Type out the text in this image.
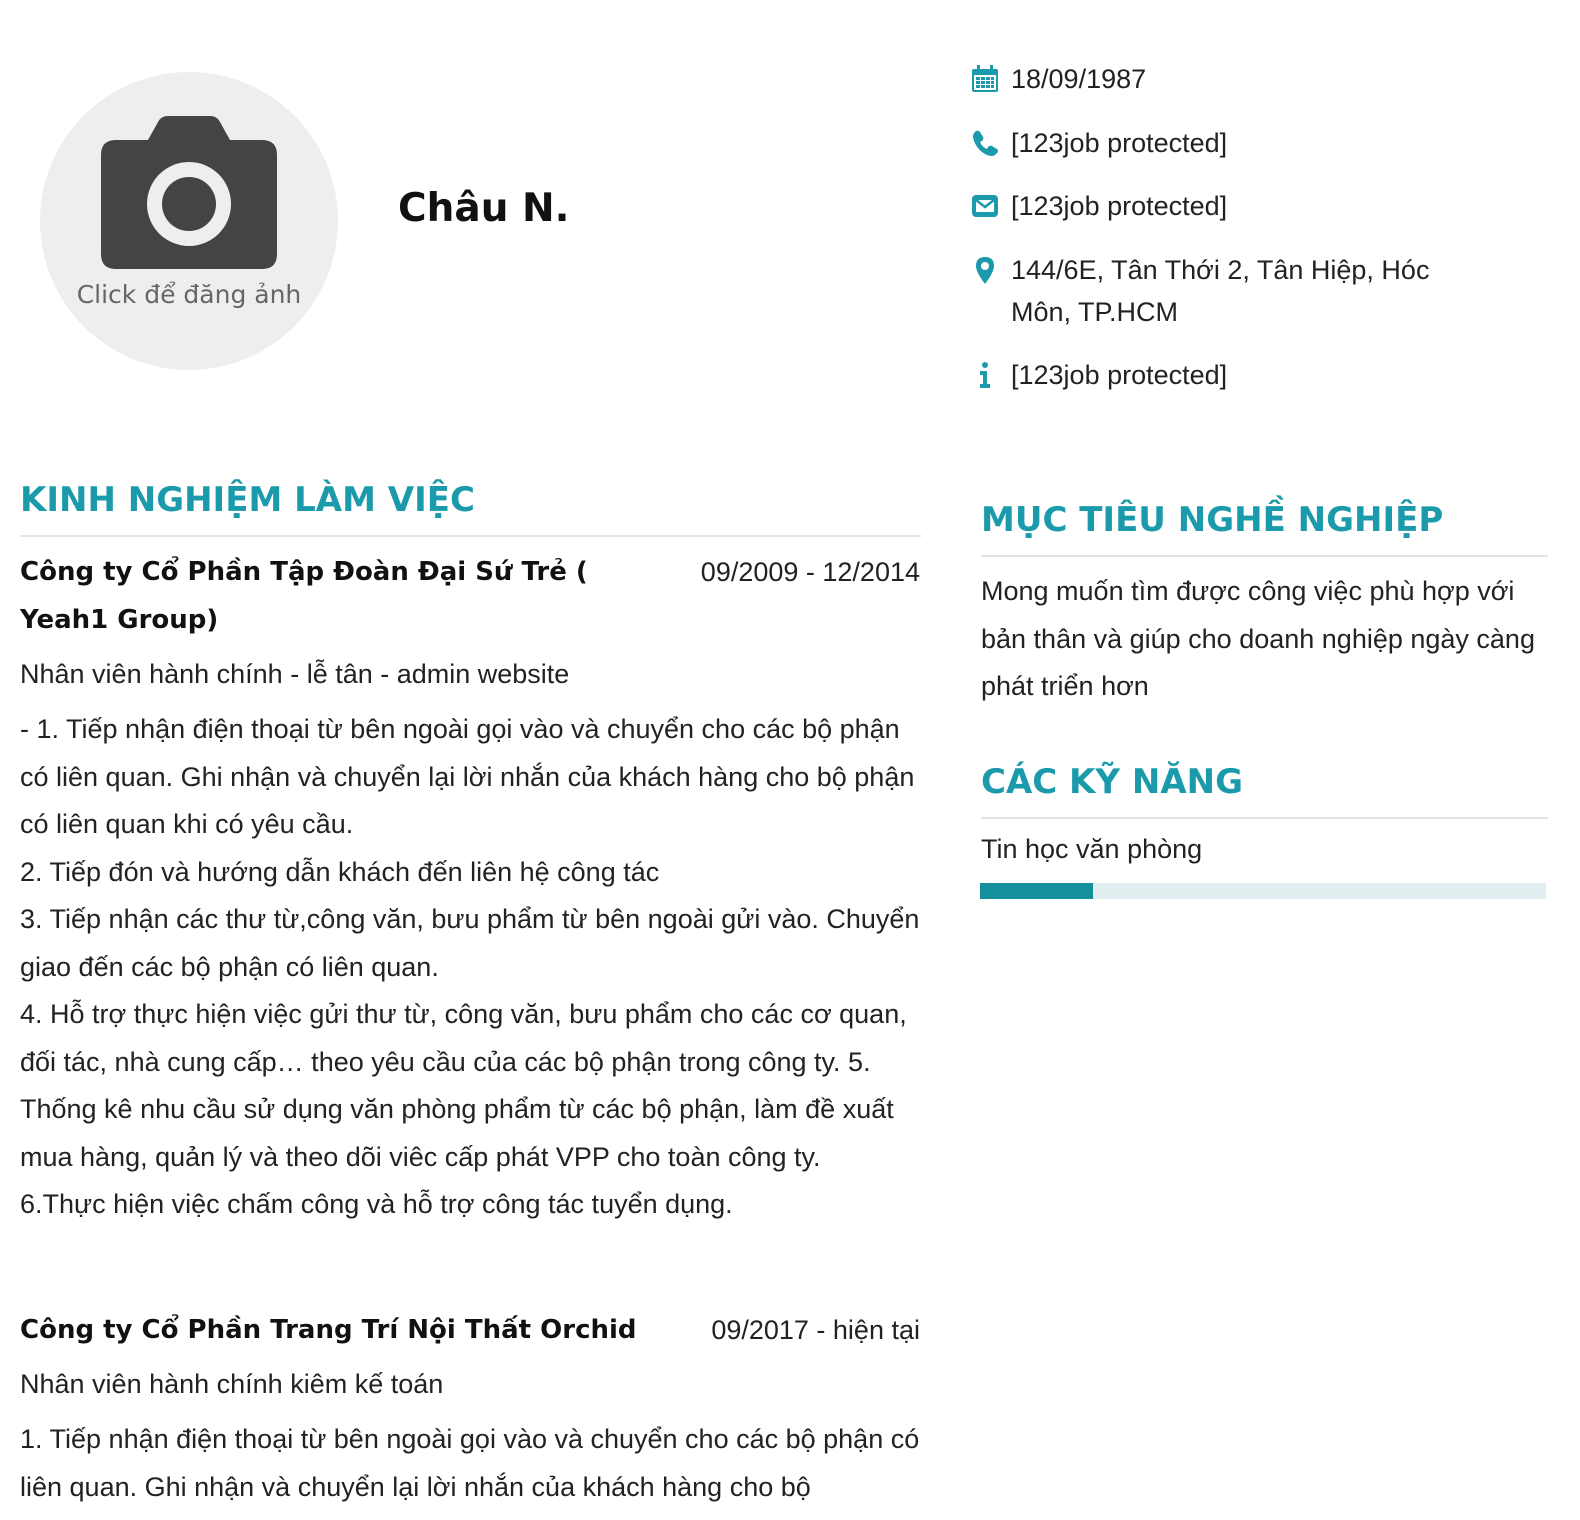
Click để đăng ảnh
Châu N.
18/09/1987
[123job protected]
[123job protected]
144/6E, Tân Thới 2, Tân Hiệp, Hóc Môn, TP.HCM
[123job protected]
KINH NGHIỆM LÀM VIỆC
Công ty Cổ Phần Tập Đoàn Đại Sứ Trẻ ( Yeah1 Group)
09/2009 - 12/2014
Nhân viên hành chính - lễ tân - admin website
- 1. Tiếp nhận điện thoại từ bên ngoài gọi vào và chuyển cho các bộ phận có liên quan. Ghi nhận và chuyển lại lời nhắn của khách hàng cho bộ phận có liên quan khi có yêu cầu.
2. Tiếp đón và hướng dẫn khách đến liên hệ công tác
3. Tiếp nhận các thư từ,công văn, bưu phẩm từ bên ngoài gửi vào. Chuyển giao đến các bộ phận có liên quan.
4. Hỗ trợ thực hiện việc gửi thư từ, công văn, bưu phẩm cho các cơ quan, đối tác, nhà cung cấp… theo yêu cầu của các bộ phận trong công ty. 5. Thống kê nhu cầu sử dụng văn phòng phẩm từ các bộ phận, làm đề xuất mua hàng, quản lý và theo dõi viêc cấp phát VPP cho toàn công ty.
6.Thực hiện việc chấm công và hỗ trợ công tác tuyển dụng.
Công ty Cổ Phần Trang Trí Nội Thất Orchid	09/2017 - hiện tại
Nhân viên hành chính kiêm kế toán
1. Tiếp nhận điện thoại từ bên ngoài gọi vào và chuyển cho các bộ phận có liên quan. Ghi nhận và chuyển lại lời nhắn của khách hàng cho bộ
MỤC TIÊU NGHỀ NGHIỆP
Mong muốn tìm được công việc phù hợp với bản thân và giúp cho doanh nghiệp ngày càng phát triển hơn
CÁC KỸ NĂNG
Tin học văn phòng
